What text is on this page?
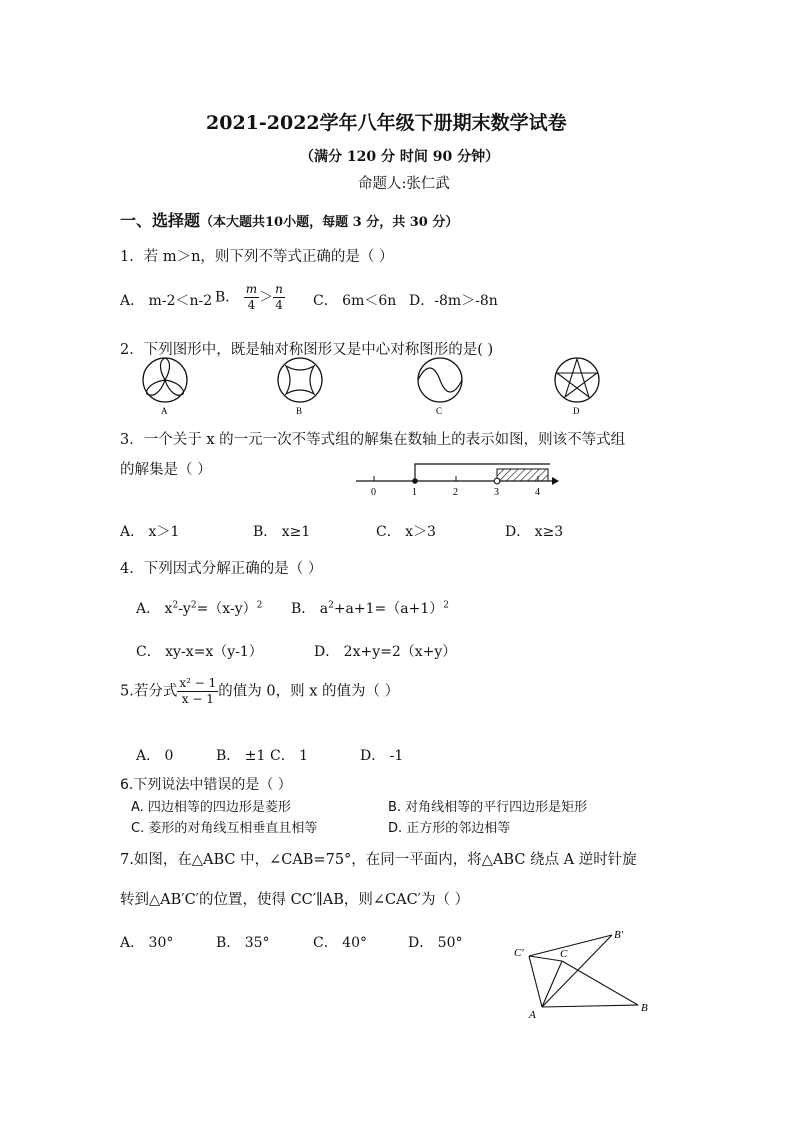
2021-2022学年八年级下册期末数学试卷
（满分 120 分 时间 90 分钟）
命题人:张仁武
一、选择题（本大题共10小题，每题 3 分，共 30 分）
1．若 m＞n，则下列不等式正确的是（ ）
A． m-2＜n-2 B． $\frac{m}{4} > \frac{n}{4}$ C． 6m＜6n D．-8m＞-8n
2．下列图形中，既是轴对称图形又是中心对称图形的是( )
A	B	C	D
3．一个关于 x 的一元一次不等式组的解集在数轴上的表示如图，则该不等式组
的解集是（ ）
0	1	2	3	4
A． x＞1	B． x≥1	C． x＞3	D． x≥3
4．下列因式分解正确的是（ ）
A． $x^2-y^2=(x-y)^2$ B． $a^2+a+1=(a+1)^2$
C． xy-x=x（y-1）	D． 2x+y=2（x+y）
5.若分式 $\frac{\text{x² − 1}}{x - 1}$ 的值为 0，则 x 的值为（ ）
A． 0	B． ±1 C． 1	D． -1
6.下列说法中错误的是（ ）
A. 四边相等的四边形是菱形	B. 对角线相等的平行四边形是矩形
C. 菱形的对角线互相垂直且相等	D. 正方形的邻边相等
7.如图，在△ABC 中，∠CAB=75°，在同一平面内，将△ABC 绕点 A 逆时针旋
转到△AB′C′的位置，使得 CC′∥AB，则∠CAC′为（ ）
A． 30°	B． 35°	C． 40°	D． 50°
C′	C
B′
A
B
